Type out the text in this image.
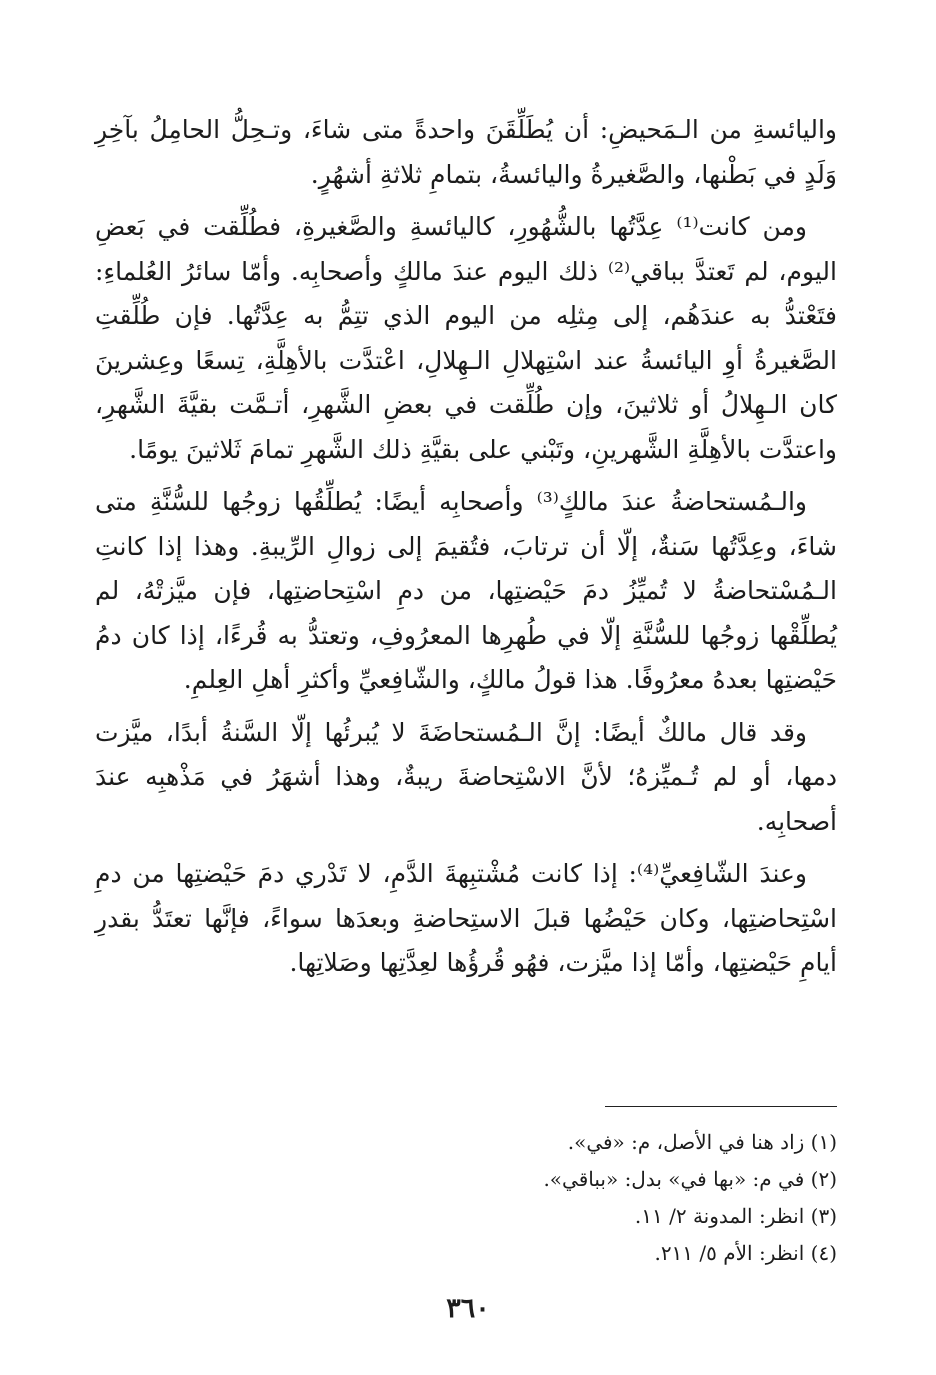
واليائسةِ من الـمَحيضِ: أن يُطَلِّقَنَ واحدةً متى شاءَ، وتـحِلُّ الحامِلُ بآخِرِ وَلَدٍ في بَطْنها، والصَّغيرةُ واليائسةُ، بتمامِ ثلاثةِ أشهُرٍ.

ومن كانت⁽¹⁾ عِدَّتُها بالشُّهُورِ، كاليائسةِ والصَّغيرةِ، فطُلِّقت في بَعضِ اليوم، لم تَعتدَّ بباقي⁽²⁾ ذلك اليوم عندَ مالكٍ وأصحابِه. وأمّا سائرُ العُلماءِ: فتَعْتدُّ به عندَهُم، إلى مِثلِه من اليوم الذي تتِمُّ به عِدَّتُها. فإن طُلِّقتِ الصَّغيرةُ أوِ اليائسةُ عند اسْتِهلالِ الـهِلالِ، اعْتدَّت بالأهِلَّةِ، تِسعًا وعِشرينَ كان الـهِلالُ أو ثلاثينَ، وإن طُلِّقت في بعضِ الشَّهرِ، أتـمَّت بقيَّةَ الشَّهرِ، واعتدَّت بالأهِلَّةِ الشَّهرينِ، وتَبْني على بقيَّةِ ذلك الشَّهرِ تمامَ ثَلاثينَ يومًا.

والـمُستحاضةُ عندَ مالكٍ⁽³⁾ وأصحابِه أيضًا: يُطلِّقُها زوجُها للسُّنَّةِ متى شاءَ، وعِدَّتُها سَنةٌ، إلّا أن ترتابَ، فتُقيمَ إلى زوالِ الرِّيبةِ. وهذا إذا كانتِ الـمُسْتحاضةُ لا تُميِّزُ دمَ حَيْضتِها، من دمِ اسْتِحاضتِها، فإن ميَّزتْهُ، لم يُطلِّقْها زوجُها للسُّنَّةِ إلّا في طُهرِها المعرُوفِ، وتعتدُّ به قُرءًا، إذا كان دمُ حَيْضتِها بعدهُ معرُوفًا. هذا قولُ مالكٍ، والشّافِعيِّ وأكثرِ أهلِ العِلمِ.

وقد قال مالكٌ أيضًا: إنَّ الـمُستحاضَةَ لا يُبرئُها إلّا السَّنةُ أبدًا، ميَّزت دمها، أو لم تُـميِّزهُ؛ لأنَّ الاسْتِحاضةَ ريبةٌ، وهذا أشهَرُ في مَذْهبِه عندَ أصحابِه.

وعندَ الشّافِعيِّ⁽⁴⁾: إذا كانت مُشْتبِهةَ الدَّمِ، لا تَدْري دمَ حَيْضتِها من دمِ اسْتِحاضتِها، وكان حَيْضُها قبلَ الاستِحاضةِ وبعدَها سواءً، فإنَّها تعتَدُّ بقدرِ أيامِ حَيْضتِها، وأمّا إذا ميَّزت، فهُو قُرؤُها لعِدَّتِها وصَلاتِها.

(١) زاد هنا في الأصل، م: «في».

(٢) في م: «بها في» بدل: «بباقي».

(٣) انظر: المدونة ٢/ ١١.

(٤) انظر: الأم ٥/ ٢١١.

٣٦٠
